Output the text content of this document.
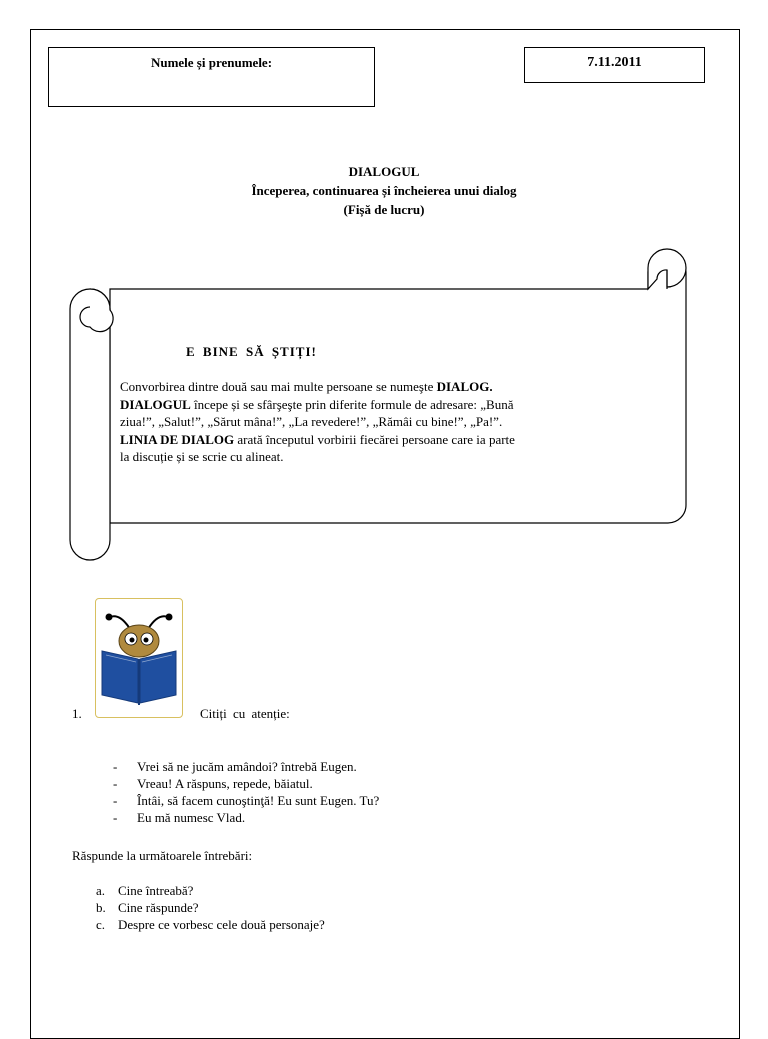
Numele și prenumele:	7.11.2011
DIALOGUL
Începerea, continuarea și încheierea unui dialog
(Fișă de lucru)
E BINE SĂ ȘTIȚI!
Convorbirea dintre două sau mai multe persoane se numeşte DIALOG.
DIALOGUL începe și se sfârşeşte prin diferite formule de adresare: „Bună
ziua!”, „Salut!”, „Sărut mâna!”, „La revedere!”, „Rămâi cu bine!”, „Pa!”.
LINIA DE DIALOG arată începutul vorbirii fiecărei persoane care ia parte
la discuție și se scrie cu alineat.
1.	Citiți cu atenție:
- Vrei să ne jucăm amândoi? întrebă Eugen.
- Vreau! A răspuns, repede, băiatul.
- Întâi, să facem cunoştinţă! Eu sunt Eugen. Tu?
- Eu mă numesc Vlad.
Răspunde la următoarele întrebări:
a. Cine întreabă?
b. Cine răspunde?
c. Despre ce vorbesc cele două personaje?
